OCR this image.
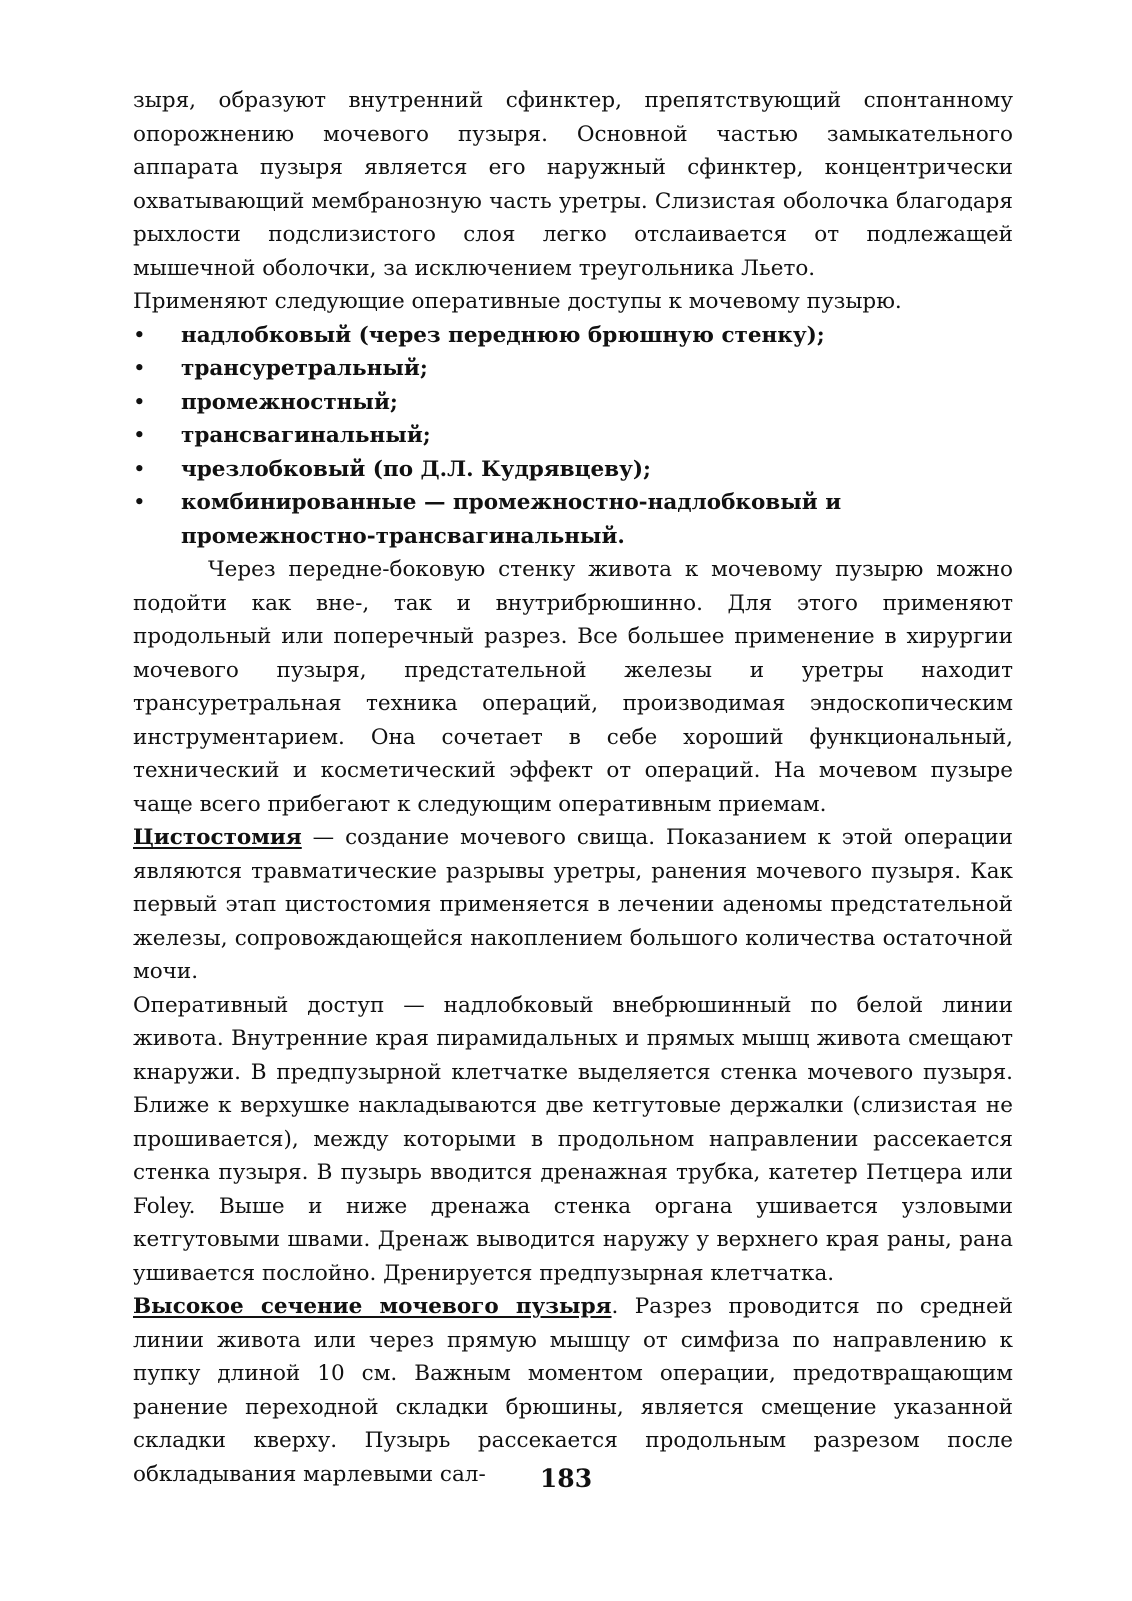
зыря, образуют внутренний сфинктер, препятствующий спонтанному опорожнению мочевого пузыря. Основной частью замыкательного аппарата пузыря является его наружный сфинктер, концентрически охватывающий мембранозную часть уретры. Слизистая оболочка благодаря рыхлости подслизистого слоя легко отслаивается от подлежащей мышечной оболочки, за исключением треугольника Льето.

Применяют следующие оперативные доступы к мочевому пузырю.

• надлобковый (через переднюю брюшную стенку);
• трансуретральный;
• промежностный;
• трансвагинальный;
• чрезлобковый (по Д.Л. Кудрявцеву);
• комбинированные — промежностно-надлобковый и промежностно-трансвагинальный.

Через передне-боковую стенку живота к мочевому пузырю можно подойти как вне-, так и внутрибрюшинно. Для этого применяют продольный или поперечный разрез. Все большее применение в хирургии мочевого пузыря, предстательной железы и уретры находит трансуретральная техника операций, производимая эндоскопическим инструментарием. Она сочетает в себе хороший функциональный, технический и косметический эффект от операций. На мочевом пузыре чаще всего прибегают к следующим оперативным приемам.

Цистостомия — создание мочевого свища. Показанием к этой операции являются травматические разрывы уретры, ранения мочевого пузыря. Как первый этап цистостомия применяется в лечении аденомы предстательной железы, сопровождающейся накоплением большого количества остаточной мочи.

Оперативный доступ — надлобковый внебрюшинный по белой линии живота. Внутренние края пирамидальных и прямых мышц живота смещают кнаружи. В предпузырной клетчатке выделяется стенка мочевого пузыря. Ближе к верхушке накладываются две кетгутовые держалки (слизистая не прошивается), между которыми в продольном направлении рассекается стенка пузыря. В пузырь вводится дренажная трубка, катетер Петцера или Foley. Выше и ниже дренажа стенка органа ушивается узловыми кетгутовыми швами. Дренаж выводится наружу у верхнего края раны, рана ушивается послойно. Дренируется предпузырная клетчатка.

Высокое сечение мочевого пузыря. Разрез проводится по средней линии живота или через прямую мышцу от симфиза по направлению к пупку длиной 10 см. Важным моментом операции, предотвращающим ранение переходной складки брюшины, является смещение указанной складки кверху. Пузырь рассекается продольным разрезом после обкладывания марлевыми сал-	183
